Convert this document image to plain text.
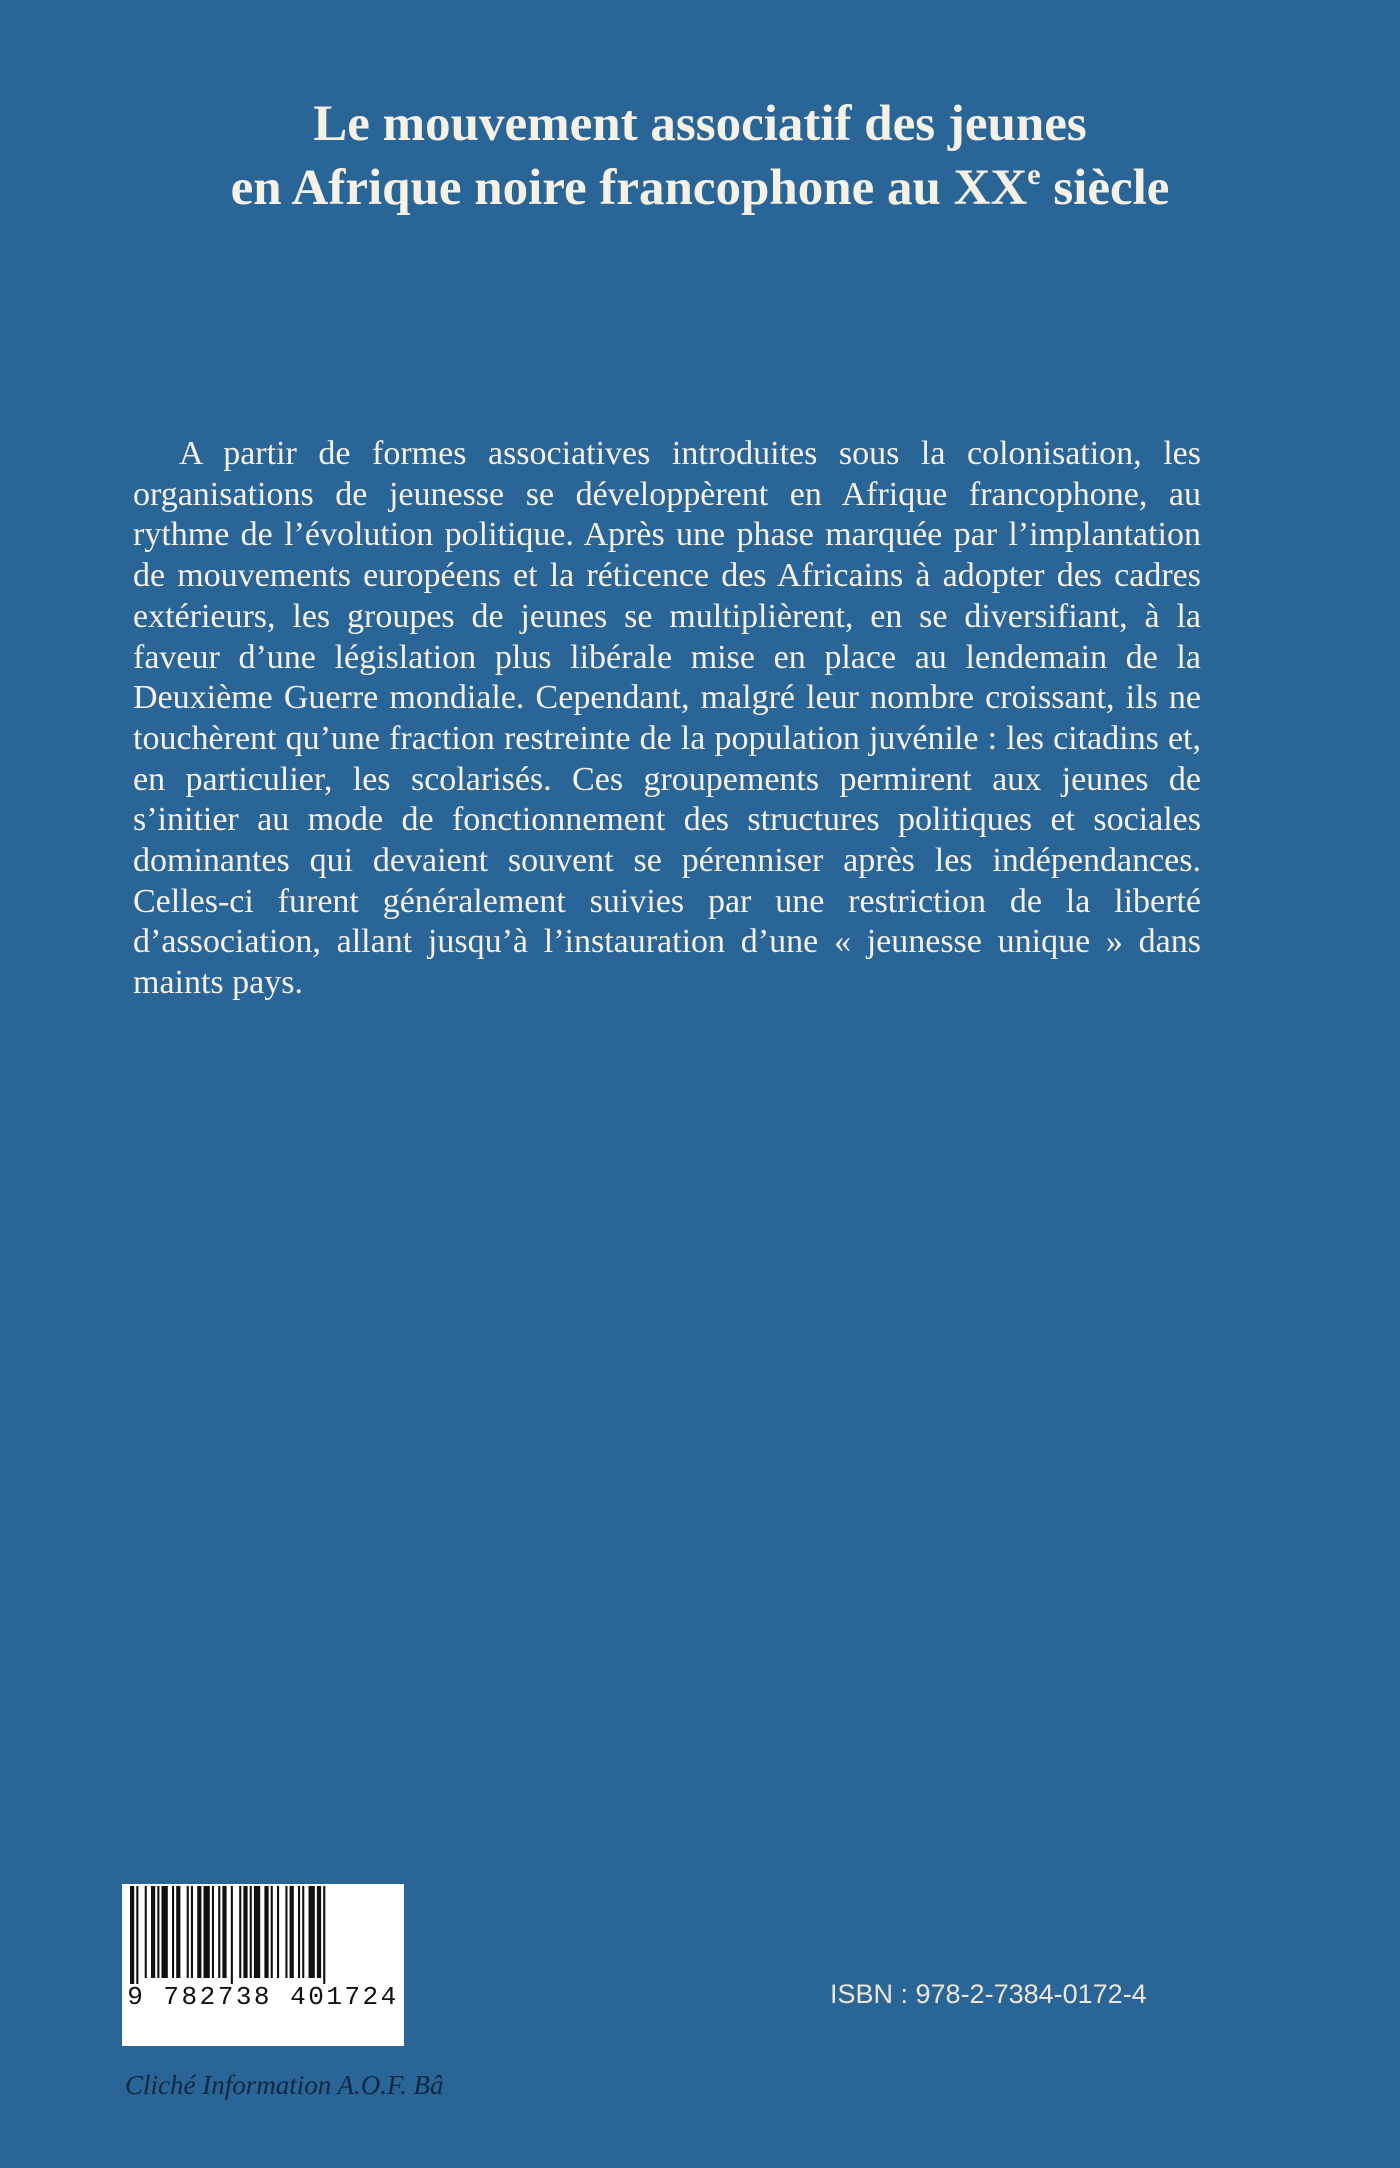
Le mouvement associatif des jeunes
en Afrique noire francophone au XXe siècle

A partir de formes associatives introduites sous la colonisation, les organisations de jeunesse se développèrent en Afrique francophone, au rythme de l’évolution politique. Après une phase marquée par l’implantation de mouvements européens et la réticence des Africains à adopter des cadres extérieurs, les groupes de jeunes se multiplièrent, en se diversifiant, à la faveur d’une législation plus libérale mise en place au lendemain de la Deuxième Guerre mondiale. Cependant, malgré leur nombre croissant, ils ne touchèrent qu’une fraction restreinte de la population juvénile : les citadins et, en particulier, les scolarisés. Ces groupements permirent aux jeunes de s’initier au mode de fonctionnement des structures politiques et sociales dominantes qui devaient souvent se pérenniser après les indépendances. Celles-ci furent généralement suivies par une restriction de la liberté d’association, allant jusqu’à l’instauration d’une « jeunesse unique » dans maints pays.

9 782738 401724	ISBN : 978-2-7384-0172-4
Cliché Information A.O.F. Bâ
